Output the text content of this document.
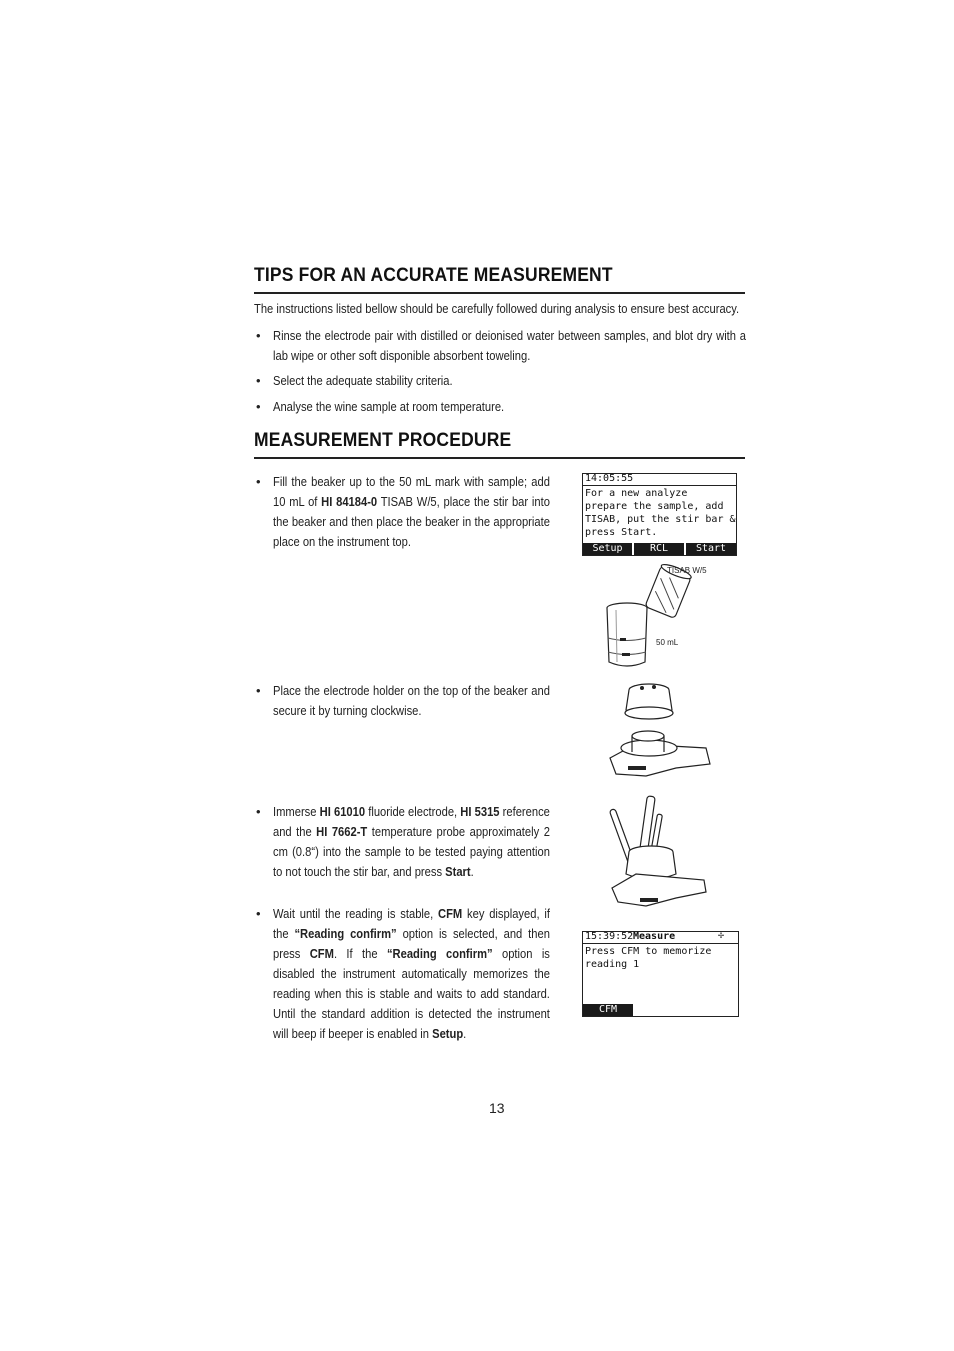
TIPS FOR AN ACCURATE MEASUREMENT
The instructions listed bellow should be carefully followed during analysis to ensure best accuracy.
• Rinse the electrode pair with distilled or deionised water between samples, and blot dry with a lab wipe or other soft disponible absorbent toweling.
• Select the adequate stability criteria.
• Analyse the wine sample at room temperature.
MEASUREMENT PROCEDURE
• Fill the beaker up to the 50 mL mark with sample; add 10 mL of HI 84184-0 TISAB W/5, place the stir bar into the beaker and then place the beaker in the appropriate place on the instrument top.
• Place the electrode holder on the top of the beaker and secure it by turning clockwise.
• Immerse HI 61010 fluoride electrode, HI 5315 reference and the HI 7662-T temperature probe approximately 2 cm (0.8“) into the sample to be tested paying attention to not touch the stir bar, and press Start.
• Wait until the reading is stable, CFM key displayed, if the “Reading confirm” option is selected, and then press CFM. If the “Reading confirm” option is disabled the instrument automatically memorizes the reading when this is stable and waits to add standard. Until the standard addition is detected the instrument will beep if beeper is enabled in Setup.
14:05:55
For a new analyze
prepare the sample, add
TISAB, put the stir bar &
press Start.
Setup	RCL	Start
TISAB W/5
50 mL
15:39:52 Measure	✢
Press CFM to memorize
reading 1
CFM
13
